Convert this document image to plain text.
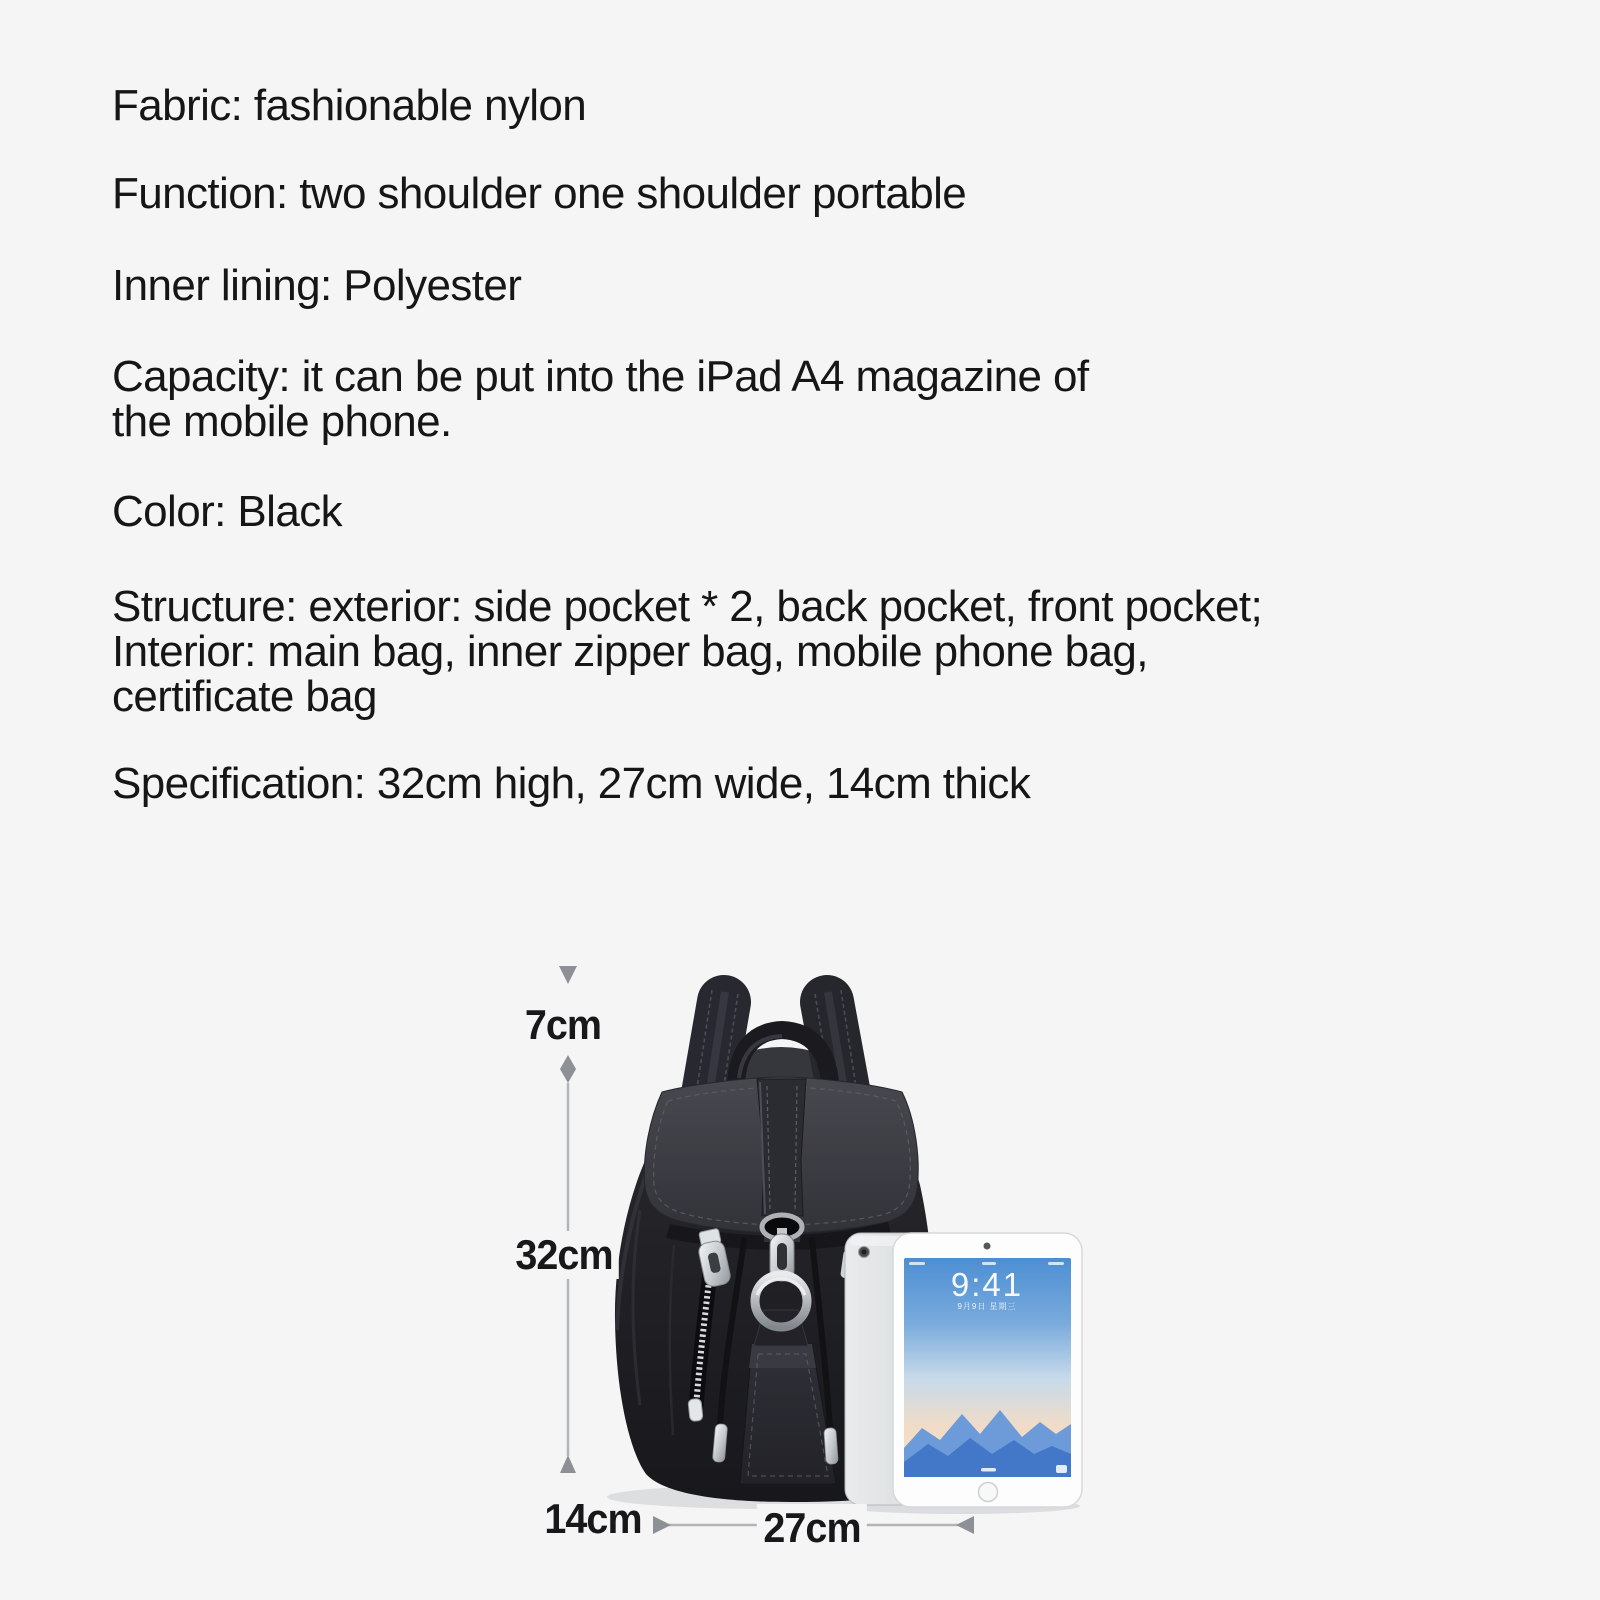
Fabric: fashionable nylon
Function: two shoulder one shoulder portable
Inner lining: Polyester
Capacity: it can be put into the iPad A4 magazine of
the mobile phone.
Color: Black
Structure: exterior: side pocket * 2, back pocket, front pocket;
Interior: main bag, inner zipper bag, mobile phone bag,
certificate bag
Specification: 32cm high, 27cm wide, 14cm thick
7cm
32cm
14cm	27cm
9:41
9月9日 星期三
